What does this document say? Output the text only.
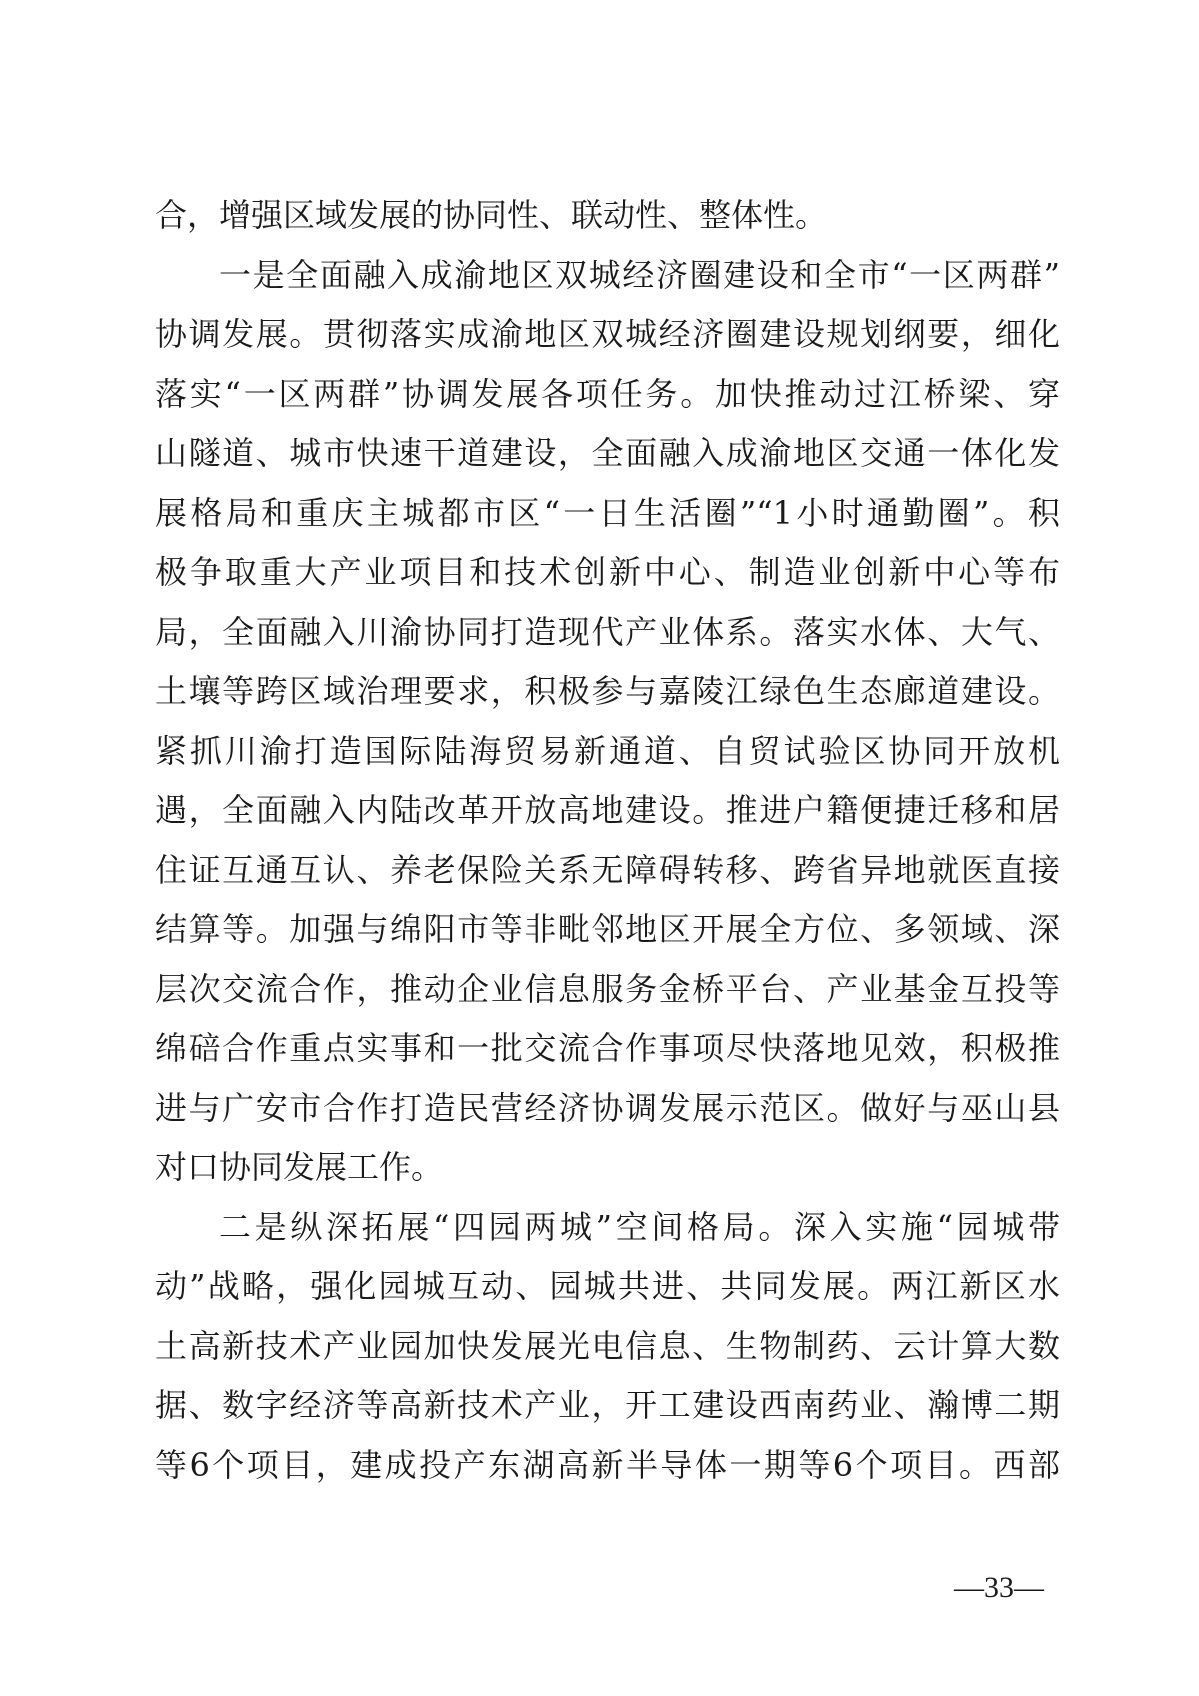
合，增强区域发展的协同性、联动性、整体性。
一是全面融入成渝地区双城经济圈建设和全市“一区两群”
协调发展。贯彻落实成渝地区双城经济圈建设规划纲要，细化
落实“一区两群”协调发展各项任务。加快推动过江桥梁、穿
山隧道、城市快速干道建设，全面融入成渝地区交通一体化发
展格局和重庆主城都市区“一日生活圈”“1小时通勤圈”。积
极争取重大产业项目和技术创新中心、制造业创新中心等布
局，全面融入川渝协同打造现代产业体系。落实水体、大气、
土壤等跨区域治理要求，积极参与嘉陵江绿色生态廊道建设。
紧抓川渝打造国际陆海贸易新通道、自贸试验区协同开放机
遇，全面融入内陆改革开放高地建设。推进户籍便捷迁移和居
住证互通互认、养老保险关系无障碍转移、跨省异地就医直接
结算等。加强与绵阳市等非毗邻地区开展全方位、多领域、深
层次交流合作，推动企业信息服务金桥平台、产业基金互投等
绵碚合作重点实事和一批交流合作事项尽快落地见效，积极推
进与广安市合作打造民营经济协调发展示范区。做好与巫山县
对口协同发展工作。
二是纵深拓展“四园两城”空间格局。深入实施“园城带
动”战略，强化园城互动、园城共进、共同发展。两江新区水
土高新技术产业园加快发展光电信息、生物制药、云计算大数
据、数字经济等高新技术产业，开工建设西南药业、瀚博二期
等6个项目，建成投产东湖高新半导体一期等6个项目。西部
—33—
